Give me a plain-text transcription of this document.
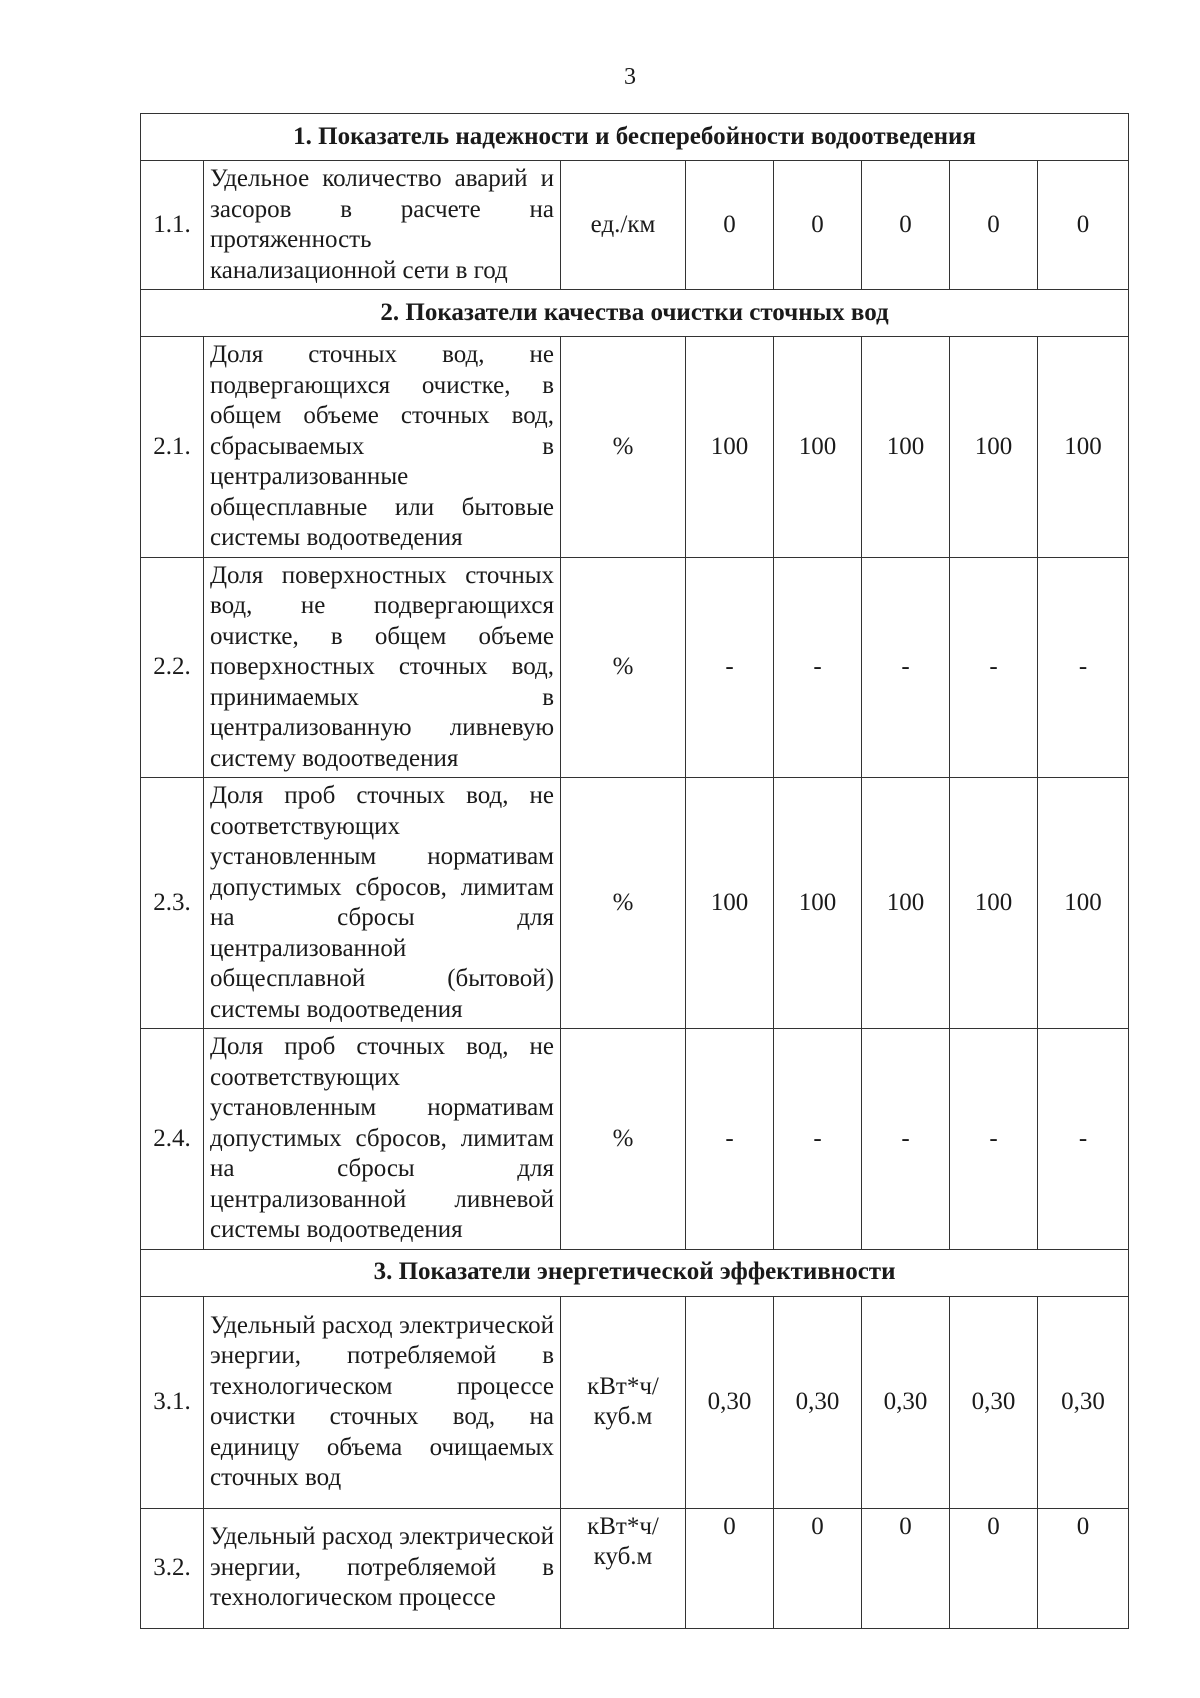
3
1. Показатель надежности и бесперебойности водоотведения							
1.1.	Удельное количество аварий и засоров в расчете на протяженность канализационной сети в год	ед./км	0	0	0	0	0
2. Показатели качества очистки сточных вод							
2.1.	Доля сточных вод, не подвергающихся очистке, в общем объеме сточных вод, сбрасываемых в централизованные общесплавные или бытовые системы водоотведения	%	100	100	100	100	100
2.2.	Доля поверхностных сточных вод, не подвергающихся очистке, в общем объеме поверхностных сточных вод, принимаемых в централизованную ливневую систему водоотведения	%	-	-	-	-	-
2.3.	Доля проб сточных вод, не соответствующих установленным нормативам допустимых сбросов, лимитам на сбросы для централизованной общесплавной (бытовой) системы водоотведения	%	100	100	100	100	100
2.4.	Доля проб сточных вод, не соответствующих установленным нормативам допустимых сбросов, лимитам на сбросы для централизованной ливневой системы водоотведения	%	-	-	-	-	-
3. Показатели энергетической эффективности							
3.1.	Удельный расход электрической энергии, потребляемой в технологическом процессе очистки сточных вод, на единицу объема очищаемых сточных вод	кВт*ч/ куб.м	0,30	0,30	0,30	0,30	0,30
3.2.	Удельный расход электрической энергии, потребляемой в технологическом процессе	кВт*ч/ куб.м	0	0	0	0	0
